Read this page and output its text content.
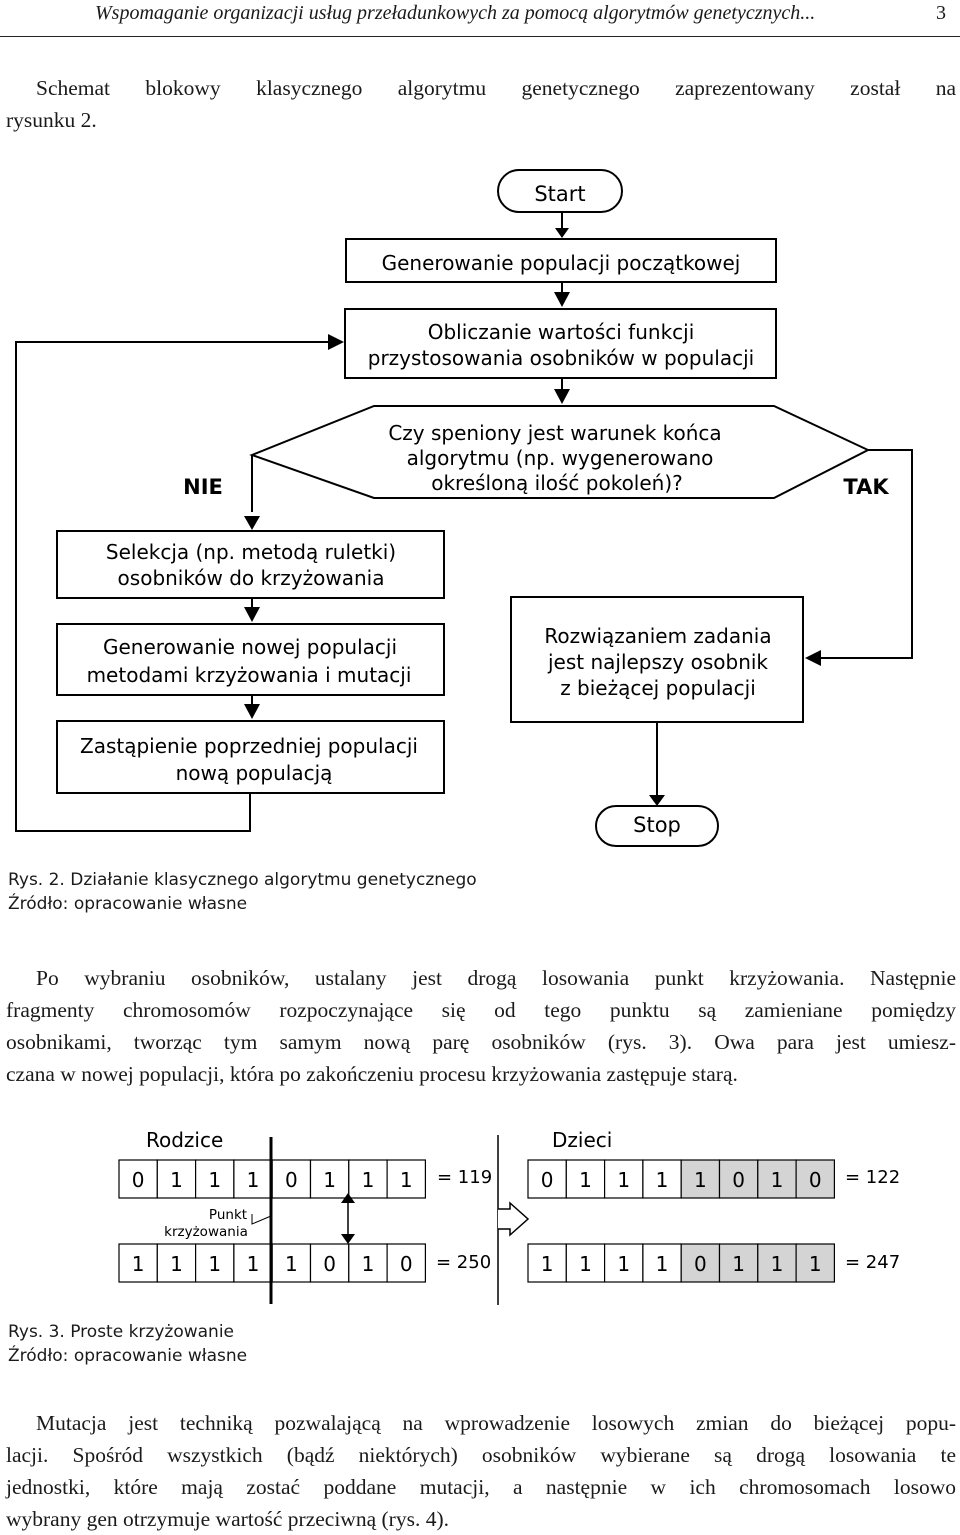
Wspomaganie organizacji usług przeładunkowych za pomocą algorytmów genetycznych...	3
Schemat blokowy klasycznego algorytmu genetycznego zaprezentowany został na
rysunku 2.
Start
Generowanie populacji początkowej
Obliczanie wartości funkcji
przystosowania osobników w populacji
Czy speniony jest warunek końca
algorytmu (np. wygenerowano
określoną ilość pokoleń)?
NIE	TAK
Selekcja (np. metodą ruletki)
osobników do krzyżowania
Generowanie nowej populacji
metodami krzyżowania i mutacji
Zastąpienie poprzedniej populacji
nową populacją
Rozwiązaniem zadania
jest najlepszy osobnik
z bieżącej populacji
Stop
Rys. 2. Działanie klasycznego algorytmu genetycznego
Źródło: opracowanie własne
Po wybraniu osobników, ustalany jest drogą losowania punkt krzyżowania. Następnie
fragmenty chromosomów rozpoczynające się od tego punktu są zamieniane pomiędzy
osobnikami, tworząc tym samym nową parę osobników (rys. 3). Owa para jest umiesz-
czana w nowej populacji, która po zakończeniu procesu krzyżowania zastępuje starą.
Rodzice	Dzieci
0 1 1 1 0 1 1 1
1 1 1 1 1 0 1 0
0 1 1 1 1 0 1 0
1 1 1 1 0 1 1 1
= 119
= 250
= 122
= 247
Punkt
krzyżowania
Rys. 3. Proste krzyżowanie
Źródło: opracowanie własne
Mutacja jest techniką pozwalającą na wprowadzenie losowych zmian do bieżącej popu-
lacji. Spośród wszystkich (bądź niektórych) osobników wybierane są drogą losowania te
jednostki, które mają zostać poddane mutacji, a następnie w ich chromosomach losowo
wybrany gen otrzymuje wartość przeciwną (rys. 4).
